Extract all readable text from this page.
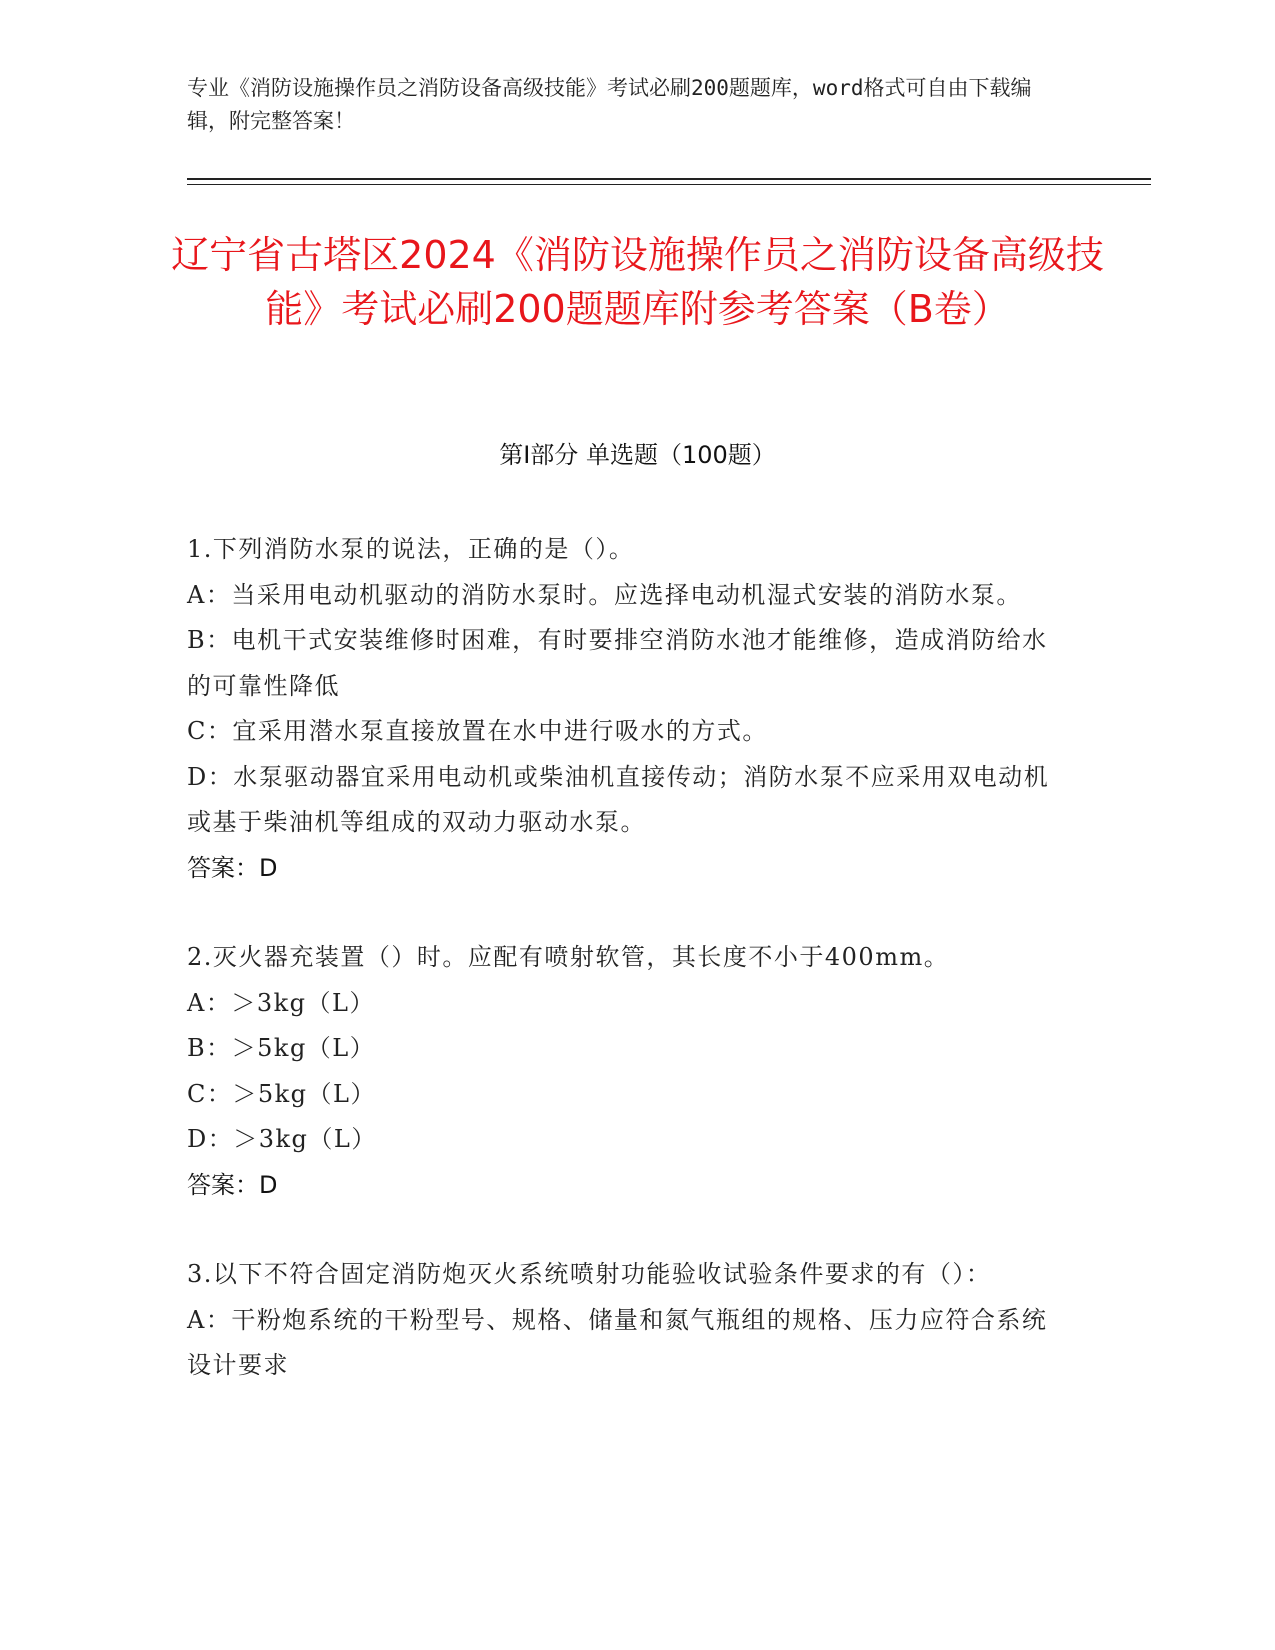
专业《消防设施操作员之消防设备高级技能》考试必刷200题题库，word格式可自由下载编辑，附完整答案！
辽宁省古塔区2024《消防设施操作员之消防设备高级技能》考试必刷200题题库附参考答案（B卷）
第Ⅰ部分 单选题（100题）
1.下列消防水泵的说法，正确的是（）。
A：当采用电动机驱动的消防水泵时。应选择电动机湿式安装的消防水泵。
B：电机干式安装维修时困难，有时要排空消防水池才能维修，造成消防给水的可靠性降低
C：宜采用潜水泵直接放置在水中进行吸水的方式。
D：水泵驱动器宜采用电动机或柴油机直接传动；消防水泵不应采用双电动机或基于柴油机等组成的双动力驱动水泵。
答案：D
2.灭火器充装置（）时。应配有喷射软管，其长度不小于400mm。
A：＞3kg（L）
B：＞5kg（L）
C：＞5kg（L）
D：＞3kg（L）
答案：D
3.以下不符合固定消防炮灭火系统喷射功能验收试验条件要求的有（）：
A：干粉炮系统的干粉型号、规格、储量和氮气瓶组的规格、压力应符合系统设计要求
